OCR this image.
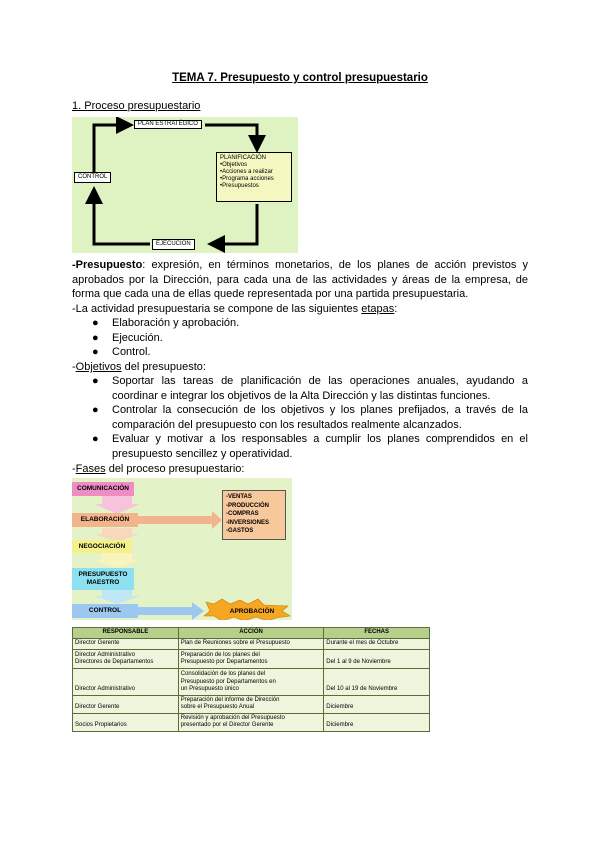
TEMA 7. Presupuesto y control presupuestario
1. Proceso presupuestario
PLAN ESTRATÉGICO
PLANIFICACIÓN
•Objetivos
•Acciones a realizar
•Programa acciones
•Presupuestos
CONTROL
EJECUCIÓN
-Presupuesto: expresión, en términos monetarios, de los planes de acción previstos y aprobados por la Dirección, para cada una de las actividades y áreas de la empresa, de forma que cada una de ellas quede representada por una partida presupuestaria.
-La actividad presupuestaria se compone de las siguientes etapas:
● Elaboración y aprobación.
● Ejecución.
● Control.
-Objetivos del presupuesto:
● Soportar las tareas de planificación de las operaciones anuales, ayudando a coordinar e integrar los objetivos de la Alta Dirección y las distintas funciones.
● Controlar la consecución de los objetivos y los planes prefijados, a través de la comparación del presupuesto con los resultados realmente alcanzados.
● Evaluar y motivar a los responsables a cumplir los planes comprendidos en el presupuesto sencillez y operatividad.
-Fases del proceso presupuestario:
COMUNICACIÓN
ELABORACIÓN
NEGOCIACIÓN
PRESUPUESTO
MAESTRO
CONTROL	APROBACIÓN
-VENTAS
-PRODUCCIÓN
-COMPRAS
-INVERSIONES
-GASTOS
RESPONSABLE	ACCIÓN	FECHAS
Director Gerente	Plan de Reuniones sobre el Presupuesto	Durante el mes de Octubre
Director Administrativo
Directores de Departamentos	Preparación de los planes del
Presupuesto por Departamentos	Del 1 al 9 de Noviembre
Director Administrativo	Consolidación de los planes del
Presupuesto por Departamentos en
un Presupuesto único	Del 10 al 19 de Noviembre
Director Gerente	Preparación del informe de Dirección
sobre el Presupuesto Anual	Diciembre
Socios Propietarios	Revisión y aprobación del Presupuesto
presentado por el Director Gerente	Diciembre
